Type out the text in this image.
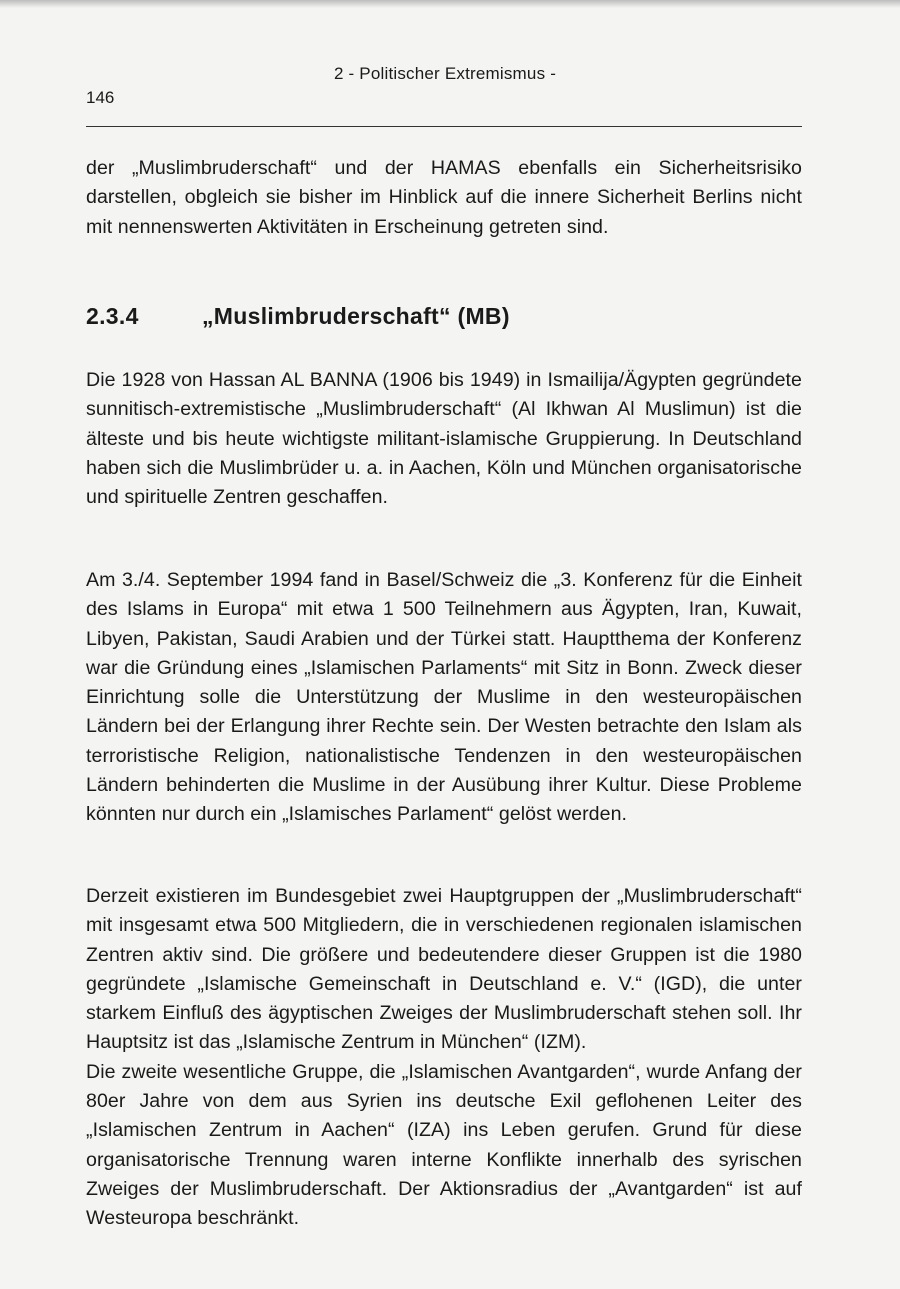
2 - Politischer Extremismus -
146

der „Muslimbruderschaft“ und der HAMAS ebenfalls ein Sicherheitsrisiko darstellen, obgleich sie bisher im Hinblick auf die innere Sicherheit Berlins nicht mit nennenswerten Aktivitäten in Erscheinung getreten sind.

2.3.4	„Muslimbruderschaft“ (MB)

Die 1928 von Hassan AL BANNA (1906 bis 1949) in Ismailija/Ägypten gegründete sunnitisch-extremistische „Muslimbruderschaft“ (Al Ikhwan Al Muslimun) ist die älteste und bis heute wichtigste militant-islamische Gruppierung. In Deutschland haben sich die Muslimbrüder u. a. in Aachen, Köln und München organisatorische und spirituelle Zentren geschaffen.

Am 3./4. September 1994 fand in Basel/Schweiz die „3. Konferenz für die Einheit des Islams in Europa“ mit etwa 1 500 Teilnehmern aus Ägypten, Iran, Kuwait, Libyen, Pakistan, Saudi Arabien und der Türkei statt. Hauptthema der Konferenz war die Gründung eines „Islamischen Parlaments“ mit Sitz in Bonn. Zweck dieser Einrichtung solle die Unterstützung der Muslime in den westeuropäischen Ländern bei der Erlangung ihrer Rechte sein. Der Westen betrachte den Islam als terroristische Religion, nationalistische Tendenzen in den westeuropäischen Ländern behinderten die Muslime in der Ausübung ihrer Kultur. Diese Probleme könnten nur durch ein „Islamisches Parlament“ gelöst werden.

Derzeit existieren im Bundesgebiet zwei Hauptgruppen der „Muslimbruderschaft“ mit insgesamt etwa 500 Mitgliedern, die in verschiedenen regionalen islamischen Zentren aktiv sind. Die größere und bedeutendere dieser Gruppen ist die 1980 gegründete „Islamische Gemeinschaft in Deutschland e. V.“ (IGD), die unter starkem Einfluß des ägyptischen Zweiges der Muslimbruderschaft stehen soll. Ihr Hauptsitz ist das „Islamische Zentrum in München“ (IZM).

Die zweite wesentliche Gruppe, die „Islamischen Avantgarden“, wurde Anfang der 80er Jahre von dem aus Syrien ins deutsche Exil geflohenen Leiter des „Islamischen Zentrum in Aachen“ (IZA) ins Leben gerufen. Grund für diese organisatorische Trennung waren interne Konflikte innerhalb des syrischen Zweiges der Muslimbruderschaft. Der Aktionsradius der „Avantgarden“ ist auf Westeuropa beschränkt.
